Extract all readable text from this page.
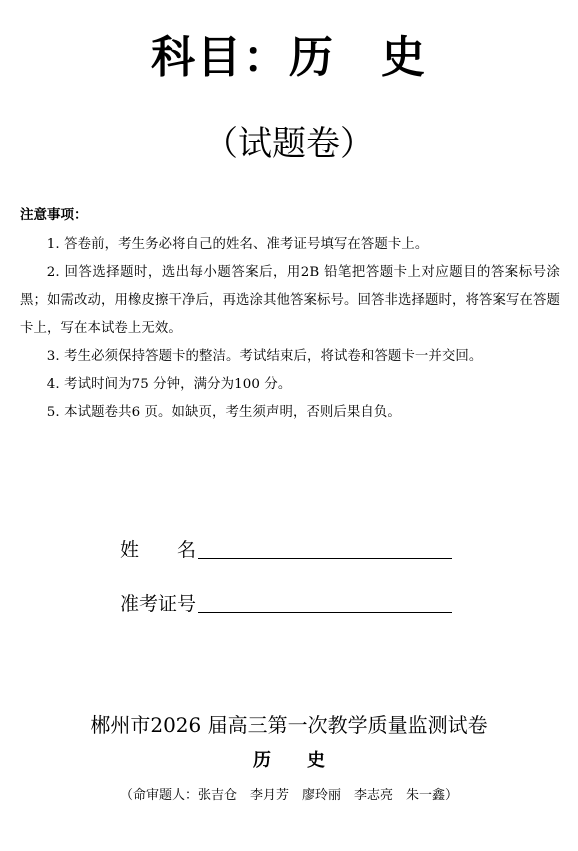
科目：历　史
（试题卷）
注意事项：
1. 答卷前，考生务必将自己的姓名、准考证号填写在答题卡上。
2. 回答选择题时，选出每小题答案后，用2B 铅笔把答题卡上对应题目的答案标号涂黑；如需改动，用橡皮擦干净后，再选涂其他答案标号。回答非选择题时，将答案写在答题卡上，写在本试卷上无效。
3. 考生必须保持答题卡的整洁。考试结束后，将试卷和答题卡一并交回。
4. 考试时间为75 分钟，满分为100 分。
5. 本试题卷共6 页。如缺页，考生须声明，否则后果自负。
姓　　名
准考证号
郴州市2026 届高三第一次教学质量监测试卷
历　　史
（命审题人：张吉仓　李月芳　廖玲丽　李志亮　朱一鑫）
